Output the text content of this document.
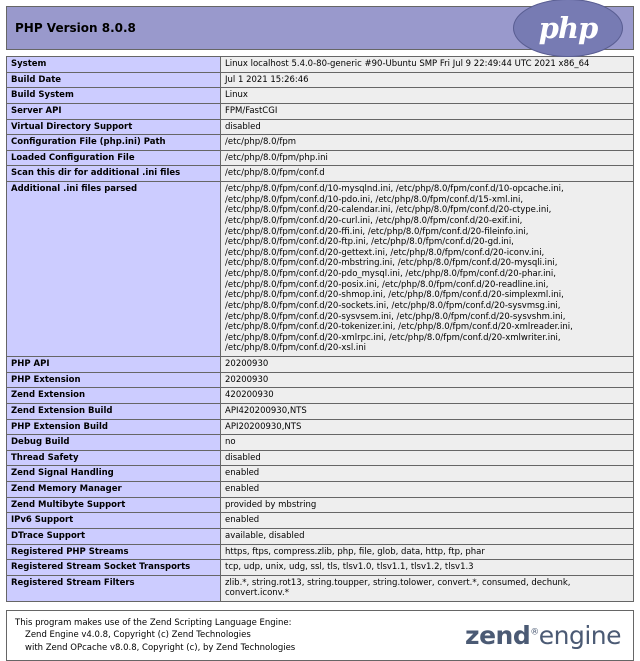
PHP Version 8.0.8	php
System	Linux localhost 5.4.0-80-generic #90-Ubuntu SMP Fri Jul 9 22:49:44 UTC 2021 x86_64
Build Date	Jul 1 2021 15:26:46
Build System	Linux
Server API	FPM/FastCGI
Virtual Directory Support	disabled
Configuration File (php.ini) Path	/etc/php/8.0/fpm
Loaded Configuration File	/etc/php/8.0/fpm/php.ini
Scan this dir for additional .ini files	/etc/php/8.0/fpm/conf.d
Additional .ini files parsed	/etc/php/8.0/fpm/conf.d/10-mysqlnd.ini, /etc/php/8.0/fpm/conf.d/10-opcache.ini, /etc/php/8.0/fpm/conf.d/10-pdo.ini, /etc/php/8.0/fpm/conf.d/15-xml.ini, /etc/php/8.0/fpm/conf.d/20-calendar.ini, /etc/php/8.0/fpm/conf.d/20-ctype.ini, /etc/php/8.0/fpm/conf.d/20-curl.ini, /etc/php/8.0/fpm/conf.d/20-exif.ini, /etc/php/8.0/fpm/conf.d/20-ffi.ini, /etc/php/8.0/fpm/conf.d/20-fileinfo.ini, /etc/php/8.0/fpm/conf.d/20-ftp.ini, /etc/php/8.0/fpm/conf.d/20-gd.ini, /etc/php/8.0/fpm/conf.d/20-gettext.ini, /etc/php/8.0/fpm/conf.d/20-iconv.ini, /etc/php/8.0/fpm/conf.d/20-mbstring.ini, /etc/php/8.0/fpm/conf.d/20-mysqli.ini, /etc/php/8.0/fpm/conf.d/20-pdo_mysql.ini, /etc/php/8.0/fpm/conf.d/20-phar.ini, /etc/php/8.0/fpm/conf.d/20-posix.ini, /etc/php/8.0/fpm/conf.d/20-readline.ini, /etc/php/8.0/fpm/conf.d/20-shmop.ini, /etc/php/8.0/fpm/conf.d/20-simplexml.ini, /etc/php/8.0/fpm/conf.d/20-sockets.ini, /etc/php/8.0/fpm/conf.d/20-sysvmsg.ini, /etc/php/8.0/fpm/conf.d/20-sysvsem.ini, /etc/php/8.0/fpm/conf.d/20-sysvshm.ini, /etc/php/8.0/fpm/conf.d/20-tokenizer.ini, /etc/php/8.0/fpm/conf.d/20-xmlreader.ini, /etc/php/8.0/fpm/conf.d/20-xmlrpc.ini, /etc/php/8.0/fpm/conf.d/20-xmlwriter.ini, /etc/php/8.0/fpm/conf.d/20-xsl.ini
PHP API	20200930
PHP Extension	20200930
Zend Extension	420200930
Zend Extension Build	API420200930,NTS
PHP Extension Build	API20200930,NTS
Debug Build	no
Thread Safety	disabled
Zend Signal Handling	enabled
Zend Memory Manager	enabled
Zend Multibyte Support	provided by mbstring
IPv6 Support	enabled
DTrace Support	available, disabled
Registered PHP Streams	https, ftps, compress.zlib, php, file, glob, data, http, ftp, phar
Registered Stream Socket Transports	tcp, udp, unix, udg, ssl, tls, tlsv1.0, tlsv1.1, tlsv1.2, tlsv1.3
Registered Stream Filters	zlib.*, string.rot13, string.toupper, string.tolower, convert.*, consumed, dechunk, convert.iconv.*
This program makes use of the Zend Scripting Language Engine:
Zend Engine v4.0.8, Copyright (c) Zend Technologies
with Zend OPcache v8.0.8, Copyright (c), by Zend Technologies	zend®engine
